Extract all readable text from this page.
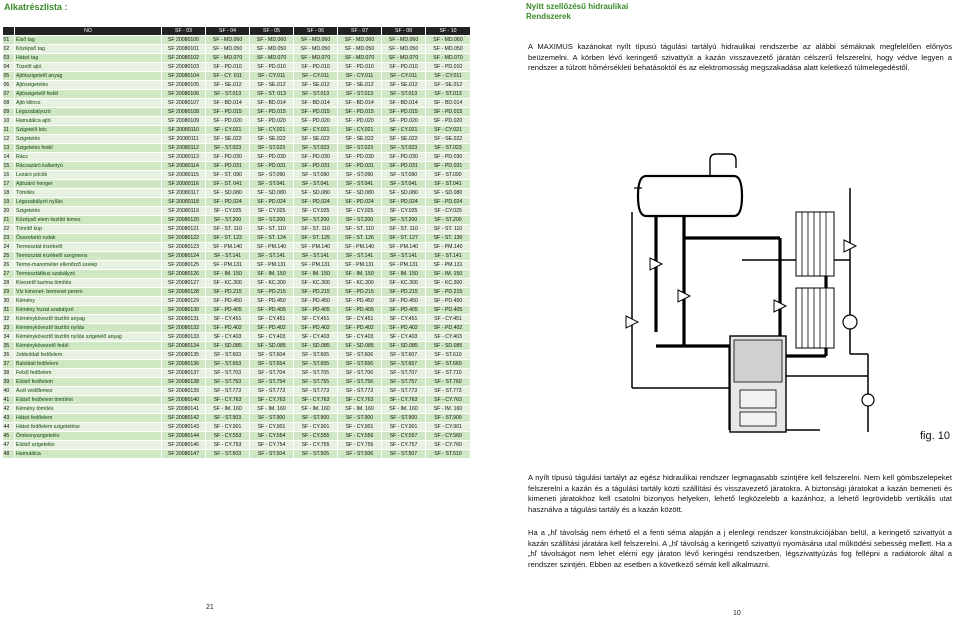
Alkatrészlista :
	NO	SF - 03	SF - 04	SF - 05	SF - 06	SF - 07	SF - 08	SF - 10
01	Első tag	SF 20080100	SF - MD.060	SF - MD.060	SF - MD.060	SF - MD.060	SF - MD.060	SF - MD.060
02	Középső tag	SF 20080101	SF - MD.050	SF - MD.050	SF - MD.050	SF - MD.050	SF - MD.050	SF - MD.050
03	Hátsó tag	SF 20080102	SF - MD.070	SF - MD.070	SF - MD.070	SF - MD.070	SF - MD.070	SF - MD.070
04	Tüzelő ajtó	SF 20080103	SF - PD.010	SF - PD.010	SF - PD.010	SF - PD.010	SF - PD.010	SF - PD.010
05	Ajtótszigetelő anyag	SF 20080104	SF - CY. 011	SF - CY.011	SF - CY.011	SF - CY.011	SF - CY.011	SF - CY.011
06	Ajtószigetelés	SF 20080105	SF - SE.012	SF - SE.012	SF - SE.012	SF - SE.012	SF - SE.012	SF - SE.012
07	Ajtószigetelő fedél	SF 20080106	SF - ST.013	SF - ST. 013	SF - ST.013	SF - ST.013	SF - ST.013	SF - ST.013
08	Ajtó kilincs	SF 20080107	SF - BD.014	SF - BD.014	SF - BD.014	SF - BD.014	SF - BD.014	SF - BD.014
09	Légszabályozó	SF 20080108	SF - PD.015	SF - PD.015	SF - PD.015	SF - PD.015	SF - PD.015	SF - PD.015
10	Hamutálca ajtó	SF 20080109	SF - PD.020	SF - PD.020	SF - PD.020	SF - PD.020	SF - PD.020	SF - PD.020
11	Szigetelő kóc	SF 20080110	SF - CY.021	SF - CY.021	SF - CY.021	SF - CY.021	SF - CY.021	SF - CY.021
12	Szigetelés	SF 20080111	SF - SE.022	SF - SE.022	SF - SE.022	SF - SE.022	SF - SE.022	SF - SE.022
13	Szigetelés fedél	SF 20080112	SF - ST.023	SF - ST.023	SF - ST.023	SF - ST.023	SF - ST.023	SF - ST.023
14	Rács	SF 20080113	SF - PD.030	SF - PD.030	SF - PD.030	SF - PD.030	SF - PD.030	SF - PD.030
15	Rácsazáró kallantyú	SF 20080114	SF - PD.031	SF - PD.031	SF - PD.031	SF - PD.031	SF - PD.031	SF - PD.031
16	Lezáró pöcök	SF 20080115	SF - ST. 090	SF - ST.090	SF - ST.090	SF - ST.090	SF - ST.090	SF - ST.090
17	Ajtózáró henger	SF 20080116	SF - ST. 041	SF - ST.041	SF - ST.041	SF - ST.041	SF - ST.041	SF - ST.041
18	Tömítés	SF 20080117	SF - SD.080	SF - SD.080	SF - SD.080	SF - SD.080	SF - SD.080	SF - SD.080
19	Légszabályzó nyílás	SF 20080118	SF - PD.024	SF - PD.024	SF - PD.024	SF - PD.024	SF - PD.024	SF - PD.024
20	Szigetelés	SF 20080119	SF - CY.025	SF - CY.025	SF - CY.025	SF - CY.025	SF - CY.025	SF - CY.025
21	Középső elem tisztító lemez	SF 20080120	SF - ST.200	SF - ST.200	SF - ST.200	SF - ST.200	SF - ST.200	SF - ST.200
22	Tömítő kúp	SF 20080121	SF - ST. 110	SF - ST. 110	SF - ST. 110	SF - ST. 110	SF - ST. 110	SF - ST. 110
23	Összetartó rudak	SF 20080122	SF - ST. 123	SF - ST. 124	SF - ST. 125	SF - ST. 126	SF - ST. 127	SF - ST. 130
24	Termosztát érzékelő	SF 20080123	SF - PM.140	SF - PM.140	SF - PM.140	SF - PM.140	SF - PM.140	SF - PM.140
25	Termosztát érzékelő szegmens	SF 20080124	SF - ST.141	SF - ST.141	SF - ST.141	SF - ST.141	SF - ST.141	SF - ST.141
26	Termo-manométer ellenőrző szelep	SF 20080125	SF - PM.131	SF - PM.131	SF - PM.131	SF - PM.131	SF - PM.131	SF - PM.131
27	Termosztátikus szabályzó	SF 20080126	SF - IM. 150	SF - IM. 150	SF - IM. 150	SF - IM. 150	SF - IM. 150	SF - IM. 150
28	Kivezető karima tömítés	SF 20080127	SF - KC.300	SF - KC.300	SF - KC.300	SF - KC.300	SF - KC.300	SF - KC.300
29	Víz kimenet- bemenet perem	SF 20080128	SF - PD.215	SF - PD.215	SF - PD.215	SF - PD.215	SF - PD.215	SF - PD.215
30	Kémény	SF 20080129	SF - PD.450	SF - PD.450	SF - PD.450	SF - PD.450	SF - PD.450	SF - PD.450
31	Kémény huzat szabályzó	SF 20080130	SF - PD.405	SF - PD.405	SF - PD.405	SF - PD.405	SF - PD.405	SF - PD.405
32	Kéményköveztő tisztító anyag	SF 20080131	SF - CY.451	SF - CY.451	SF - CY.451	SF - CY.451	SF - CY.451	SF - CY.451
33	Kéményköveztő tisztító nyílás	SF 20080132	SF - PD.402	SF - PD.402	SF - PD.402	SF - PD.402	SF - PD.402	SF - PD.402
34	Kéményköveztő tisztító nyílás szigetelő anyag	SF 20080133	SF - CY.403	SF - CY.403	SF - CY.403	SF - CY.403	SF - CY.403	SF - CY.403
35	Kéménykövezető fedél	SF 20080134	SF - SD.085	SF - SD.085	SF - SD.085	SF - SD.085	SF - SD.085	SF - SD.085
36	Jobboldali fedőelem	SF 20080135	SF - ST.603	SF - ST.604	SF - ST.605	SF - ST.606	SF - ST.607	SF - ST.610
37	Baloldali fedőelem	SF 20080136	SF - ST.653	SF - ST.654	SF - ST.655	SF - ST.656	SF - ST.657	SF - ST.660
38	Felső fedőelem	SF 20080137	SF - ST.703	SF - ST.704	SF - ST.705	SF - ST.706	SF - ST.707	SF - ST.710
39	Elülső fedőelem	SF 20080138	SF - ST.753	SF - ST.754	SF - ST.755	SF - ST.756	SF - ST.757	SF - ST.760
40	Acél védőlemez	SF 20080139	SF - ST.773	SF - ST.773	SF - ST.773	SF - ST.773	SF - ST.773	SF - ST.773
41	Elülső fedőelem tömítést	SF 20080140	SF - CY.763	SF - CY.763	SF - CY.763	SF - CY.763	SF - CY.763	SF - CY.763
42	Kémény tömítés	SF 20080141	SF - IM. 160	SF - IM. 160	SF - IM. 160	SF - IM. 160	SF - IM. 160	SF - IM. 160
43	Hátsó fedőelem	SF 20080142	SF - ST.903	SF - ST.900	SF - ST.900	SF - ST.900	SF - ST.900	SF - ST.900
44	Hátsó fedőelem szigetelése	SF 20080143	SF - CY.901	SF - CY.901	SF - CY.901	SF - CY.901	SF - CY.901	SF - CY.901
45	Ömlesnyszigetelés	SF 20080144	SF - CY.553	SF - CY.554	SF - CY.555	SF - CY.556	SF - CY.557	SF - CY.560
47	Elülső szigetelés	SF 20080146	SF - CY.753	SF - CY.754	SF - CY.755	SF - CY.756	SF - CY.757	SF - CY.760
48	Hamutálca	SF 20080147	SF - ST.503	SF - ST.504	SF - ST.505	SF - ST.506	SF - ST.507	SF - ST.510
21
Nyitt szellőzésű hidraulikai
Rendszerek
A MAXIMUS kazánokat nyílt típusú tágulási tartályú hidraulikai rendszerbe az alábbi sémáknak megfelelően előnyös beüzemelni. A körben lévő keringető szivattyút a kazán visszavezető járatán célszerű felszerelni, hogy védve legyen a rendszer a túlzott hőmérsékleti behatásoktól és az elektromosság megszakadása alatt keletkező túlmelegedéstől.
fig. 10
A nyílt típusú tágulási tartályt az egész hidraulikai rendszer legmagasabb szintjére kell felszerelni. Nem kell gömbszelepeket felszerelni a kazán és a tágulási tartály közti szállítási és visszavezető járatokra. A biztonsági járatokat a kazán bemeneti és kimeneti járatokhoz kell csatolni bizonyos helyeken, lehető legközelebb a kazánhoz, a lehető legrövidebb vertikális utat használva a tágulási tartály és a kazán között.
Ha a „hľ távolság nem érhető el a fenti séma alapján a j elenlegi rendszer konstrukciójában belül, a keringető szivattyút a kazán szállítási járatára kell felszerelni. A „hľ távolság a keringető szivattyú nyomásána utal működési sebesség mellett. Ha a „hľ távolságot nem lehet elérni egy járaton lévő keringési rendszerben, légszivattyúzás fog fellépni a radiátorok által a rendszer szintjén. Ebben az esetben a következő sémát kell alkalmazni.
10
